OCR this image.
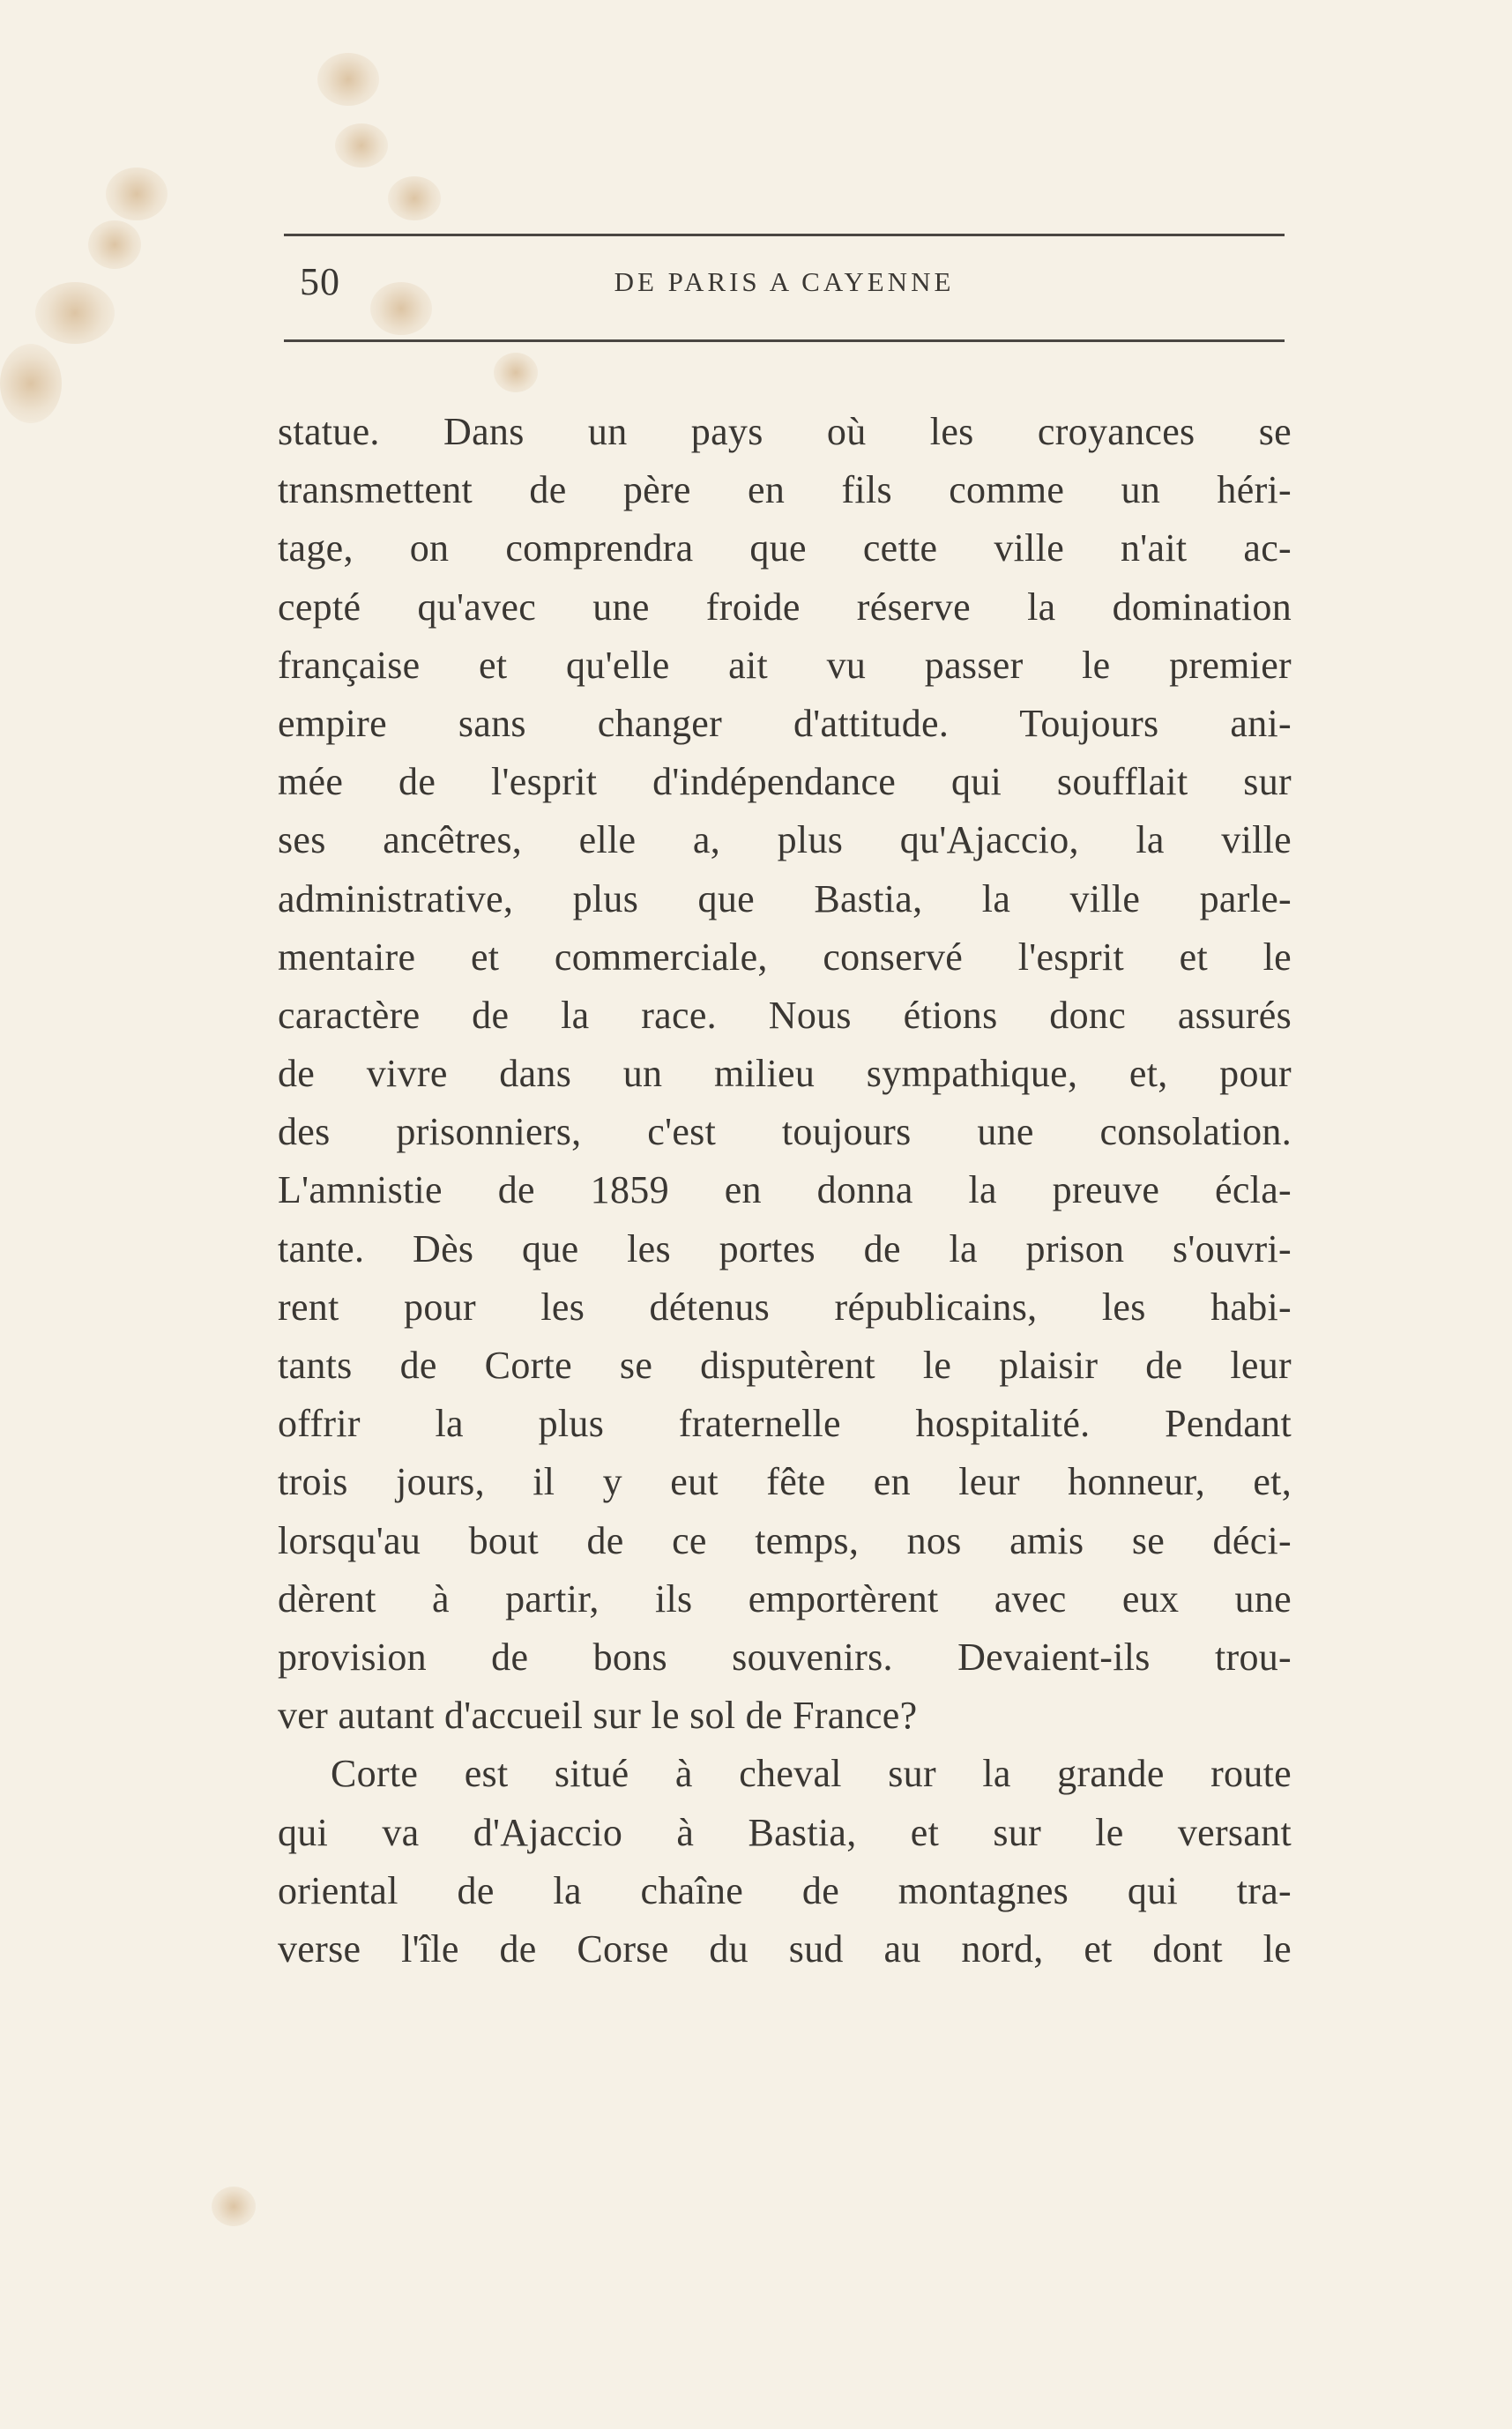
50	DE PARIS A CAYENNE
statue. Dans un pays où les croyances se
transmettent de père en fils comme un héri-
tage, on comprendra que cette ville n'ait ac-
cepté qu'avec une froide réserve la domination
française et qu'elle ait vu passer le premier
empire sans changer d'attitude. Toujours ani-
mée de l'esprit d'indépendance qui soufflait sur
ses ancêtres, elle a, plus qu'Ajaccio, la ville
administrative, plus que Bastia, la ville parle-
mentaire et commerciale, conservé l'esprit et le
caractère de la race. Nous étions donc assurés
de vivre dans un milieu sympathique, et, pour
des prisonniers, c'est toujours une consolation.
L'amnistie de 1859 en donna la preuve écla-
tante. Dès que les portes de la prison s'ouvri-
rent pour les détenus républicains, les habi-
tants de Corte se disputèrent le plaisir de leur
offrir la plus fraternelle hospitalité. Pendant
trois jours, il y eut fête en leur honneur, et,
lorsqu'au bout de ce temps, nos amis se déci-
dèrent à partir, ils emportèrent avec eux une
provision de bons souvenirs. Devaient-ils trou-
ver autant d'accueil sur le sol de France?
Corte est situé à cheval sur la grande route
qui va d'Ajaccio à Bastia, et sur le versant
oriental de la chaîne de montagnes qui tra-
verse l'île de Corse du sud au nord, et dont le
